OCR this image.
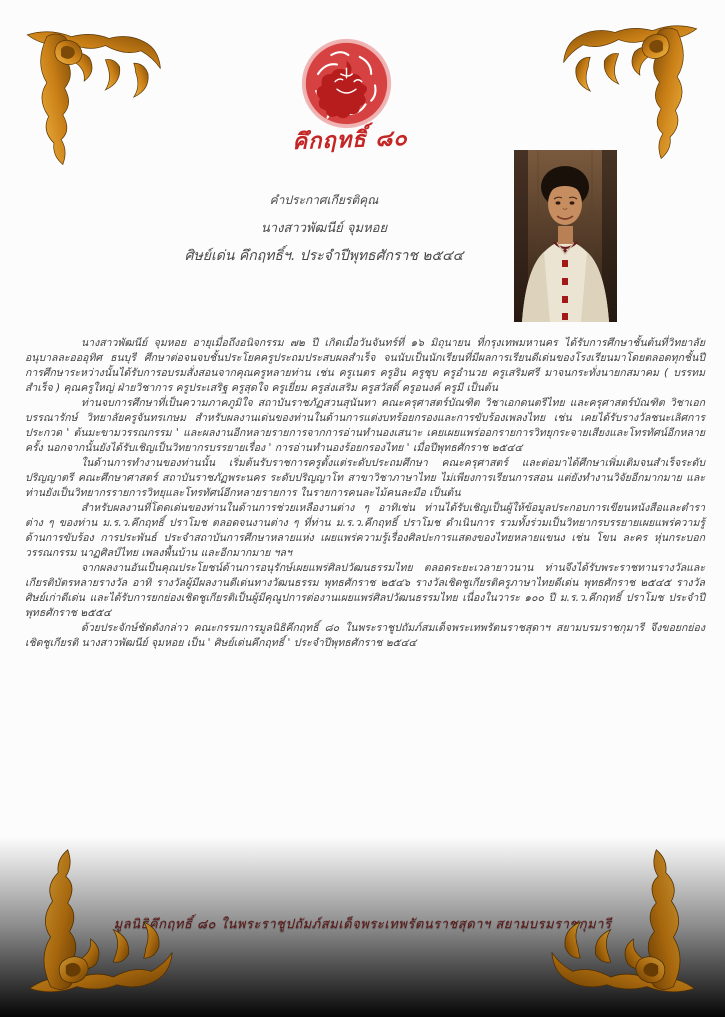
คึกฤทธิ์ ๘๐
คำประกาศเกียรติคุณ
นางสาวพัฒนีย์ จุมหอย
ศิษย์เด่น คึกฤทธิ์ฯ. ประจำปีพุทธศักราช ๒๕๔๔

นางสาวพัฒนีย์ จุมหอย อายุเมื่อถึงอนิจกรรม ๗๒ ปี เกิดเมื่อวันจันทร์ที่ ๑๖ มิถุนายน ที่กรุงเทพมหานคร ได้รับการศึกษาชั้นต้นที่วิทยาลัยอนุบาลละอออุทิศ ธนบุรี ศึกษาต่อจนจบชั้นประโยคครูประถมประสบผลสำเร็จ จนนับเป็นนักเรียนที่มีผลการเรียนดีเด่นของโรงเรียนมาโดยตลอดทุกชั้นปี การศึกษาระหว่างนั้นได้รับการอบรมสั่งสอนจากคุณครูหลายท่าน เช่น ครูเนตร ครูอิน ครูชุบ ครูอำนวย ครูเสริมศรี มาจนกระทั่งนายกสมาคม ( บรรทม สำเร็จ ) คุณครูใหญ่ ฝ่ายวิชาการ ครูประเสริฐ ครูสุดใจ ครูเยี่ยม ครูส่งเสริม ครูสวัสดิ์ ครูอนงค์ ครูมี เป็นต้น

ท่านจบการศึกษาที่เป็นความภาคภูมิใจ สถาบันราชภัฏสวนสุนันทา คณะครุศาสตร์บัณฑิต วิชาเอกดนตรีไทย และครุศาสตร์บัณฑิต วิชาเอกบรรณารักษ์ วิทยาลัยครูจันทรเกษม สำหรับผลงานเด่นของท่านในด้านการแต่งบทร้อยกรองและการขับร้องเพลงไทย เช่น เคยได้รับรางวัลชนะเลิศการประกวด ' ต้นมะขามวรรณกรรม ' และผลงานอีกหลายรายการจากการอ่านทำนองเสนาะ เคยเผยแพร่ออกรายการวิทยุกระจายเสียงและโทรทัศน์อีกหลายครั้ง นอกจากนั้นยังได้รับเชิญเป็นวิทยากรบรรยายเรื่อง ' การอ่านทำนองร้อยกรองไทย ' เมื่อปีพุทธศักราช ๒๕๔๔

ในด้านการทำงานของท่านนั้น เริ่มต้นรับราชการครูตั้งแต่ระดับประถมศึกษา คณะครุศาสตร์ และต่อมาได้ศึกษาเพิ่มเติมจนสำเร็จระดับปริญญาตรี คณะศึกษาศาสตร์ สถาบันราชภัฏพระนคร ระดับปริญญาโท สาขาวิชาภาษาไทย ไม่เพียงการเรียนการสอน แต่ยังทำงานวิจัยอีกมากมาย และท่านยังเป็นวิทยากรรายการวิทยุและโทรทัศน์อีกหลายรายการ ในรายการคนละไม้คนละมือ เป็นต้น

สำหรับผลงานที่โดดเด่นของท่านในด้านการช่วยเหลืองานต่าง ๆ อาทิเช่น ท่านได้รับเชิญเป็นผู้ให้ข้อมูลประกอบการเขียนหนังสือและตำราต่าง ๆ ของท่าน ม.ร.ว.คึกฤทธิ์ ปราโมช ตลอดจนงานต่าง ๆ ที่ท่าน ม.ร.ว.คึกฤทธิ์ ปราโมช ดำเนินการ รวมทั้งร่วมเป็นวิทยากรบรรยายเผยแพร่ความรู้ด้านการขับร้อง การประพันธ์ ประจำสถาบันการศึกษาหลายแห่ง เผยแพร่ความรู้เรื่องศิลปะการแสดงของไทยหลายแขนง เช่น โขน ละคร หุ่นกระบอก วรรณกรรม นาฏศิลป์ไทย เพลงพื้นบ้าน และอีกมากมาย ฯลฯ

จากผลงานอันเป็นคุณประโยชน์ด้านการอนุรักษ์เผยแพร่ศิลปวัฒนธรรมไทย ตลอดระยะเวลายาวนาน ท่านจึงได้รับพระราชทานรางวัลและเกียรติบัตรหลายรางวัล อาทิ รางวัลผู้มีผลงานดีเด่นทางวัฒนธรรม พุทธศักราช ๒๕๔๖ รางวัลเชิดชูเกียรติครูภาษาไทยดีเด่น พุทธศักราช ๒๕๔๕ รางวัลศิษย์เก่าดีเด่น และได้รับการยกย่องเชิดชูเกียรติเป็นผู้มีคุณูปการต่องานเผยแพร่ศิลปวัฒนธรรมไทย เนื่องในวาระ ๑๐๐ ปี ม.ร.ว.คึกฤทธิ์ ปราโมช ประจำปีพุทธศักราช ๒๕๕๔

ด้วยประจักษ์ชัดดังกล่าว คณะกรรมการมูลนิธิคึกฤทธิ์ ๘๐ ในพระราชูปถัมภ์สมเด็จพระเทพรัตนราชสุดาฯ สยามบรมราชกุมารี จึงขอยกย่องเชิดชูเกียรติ นางสาวพัฒนีย์ จุมหอย เป็น ' ศิษย์เด่นคึกฤทธิ์ ' ประจำปีพุทธศักราช ๒๕๔๔

มูลนิธิคึกฤทธิ์ ๘๐ ในพระราชูปถัมภ์สมเด็จพระเทพรัตนราชสุดาฯ สยามบรมราชกุมารี
